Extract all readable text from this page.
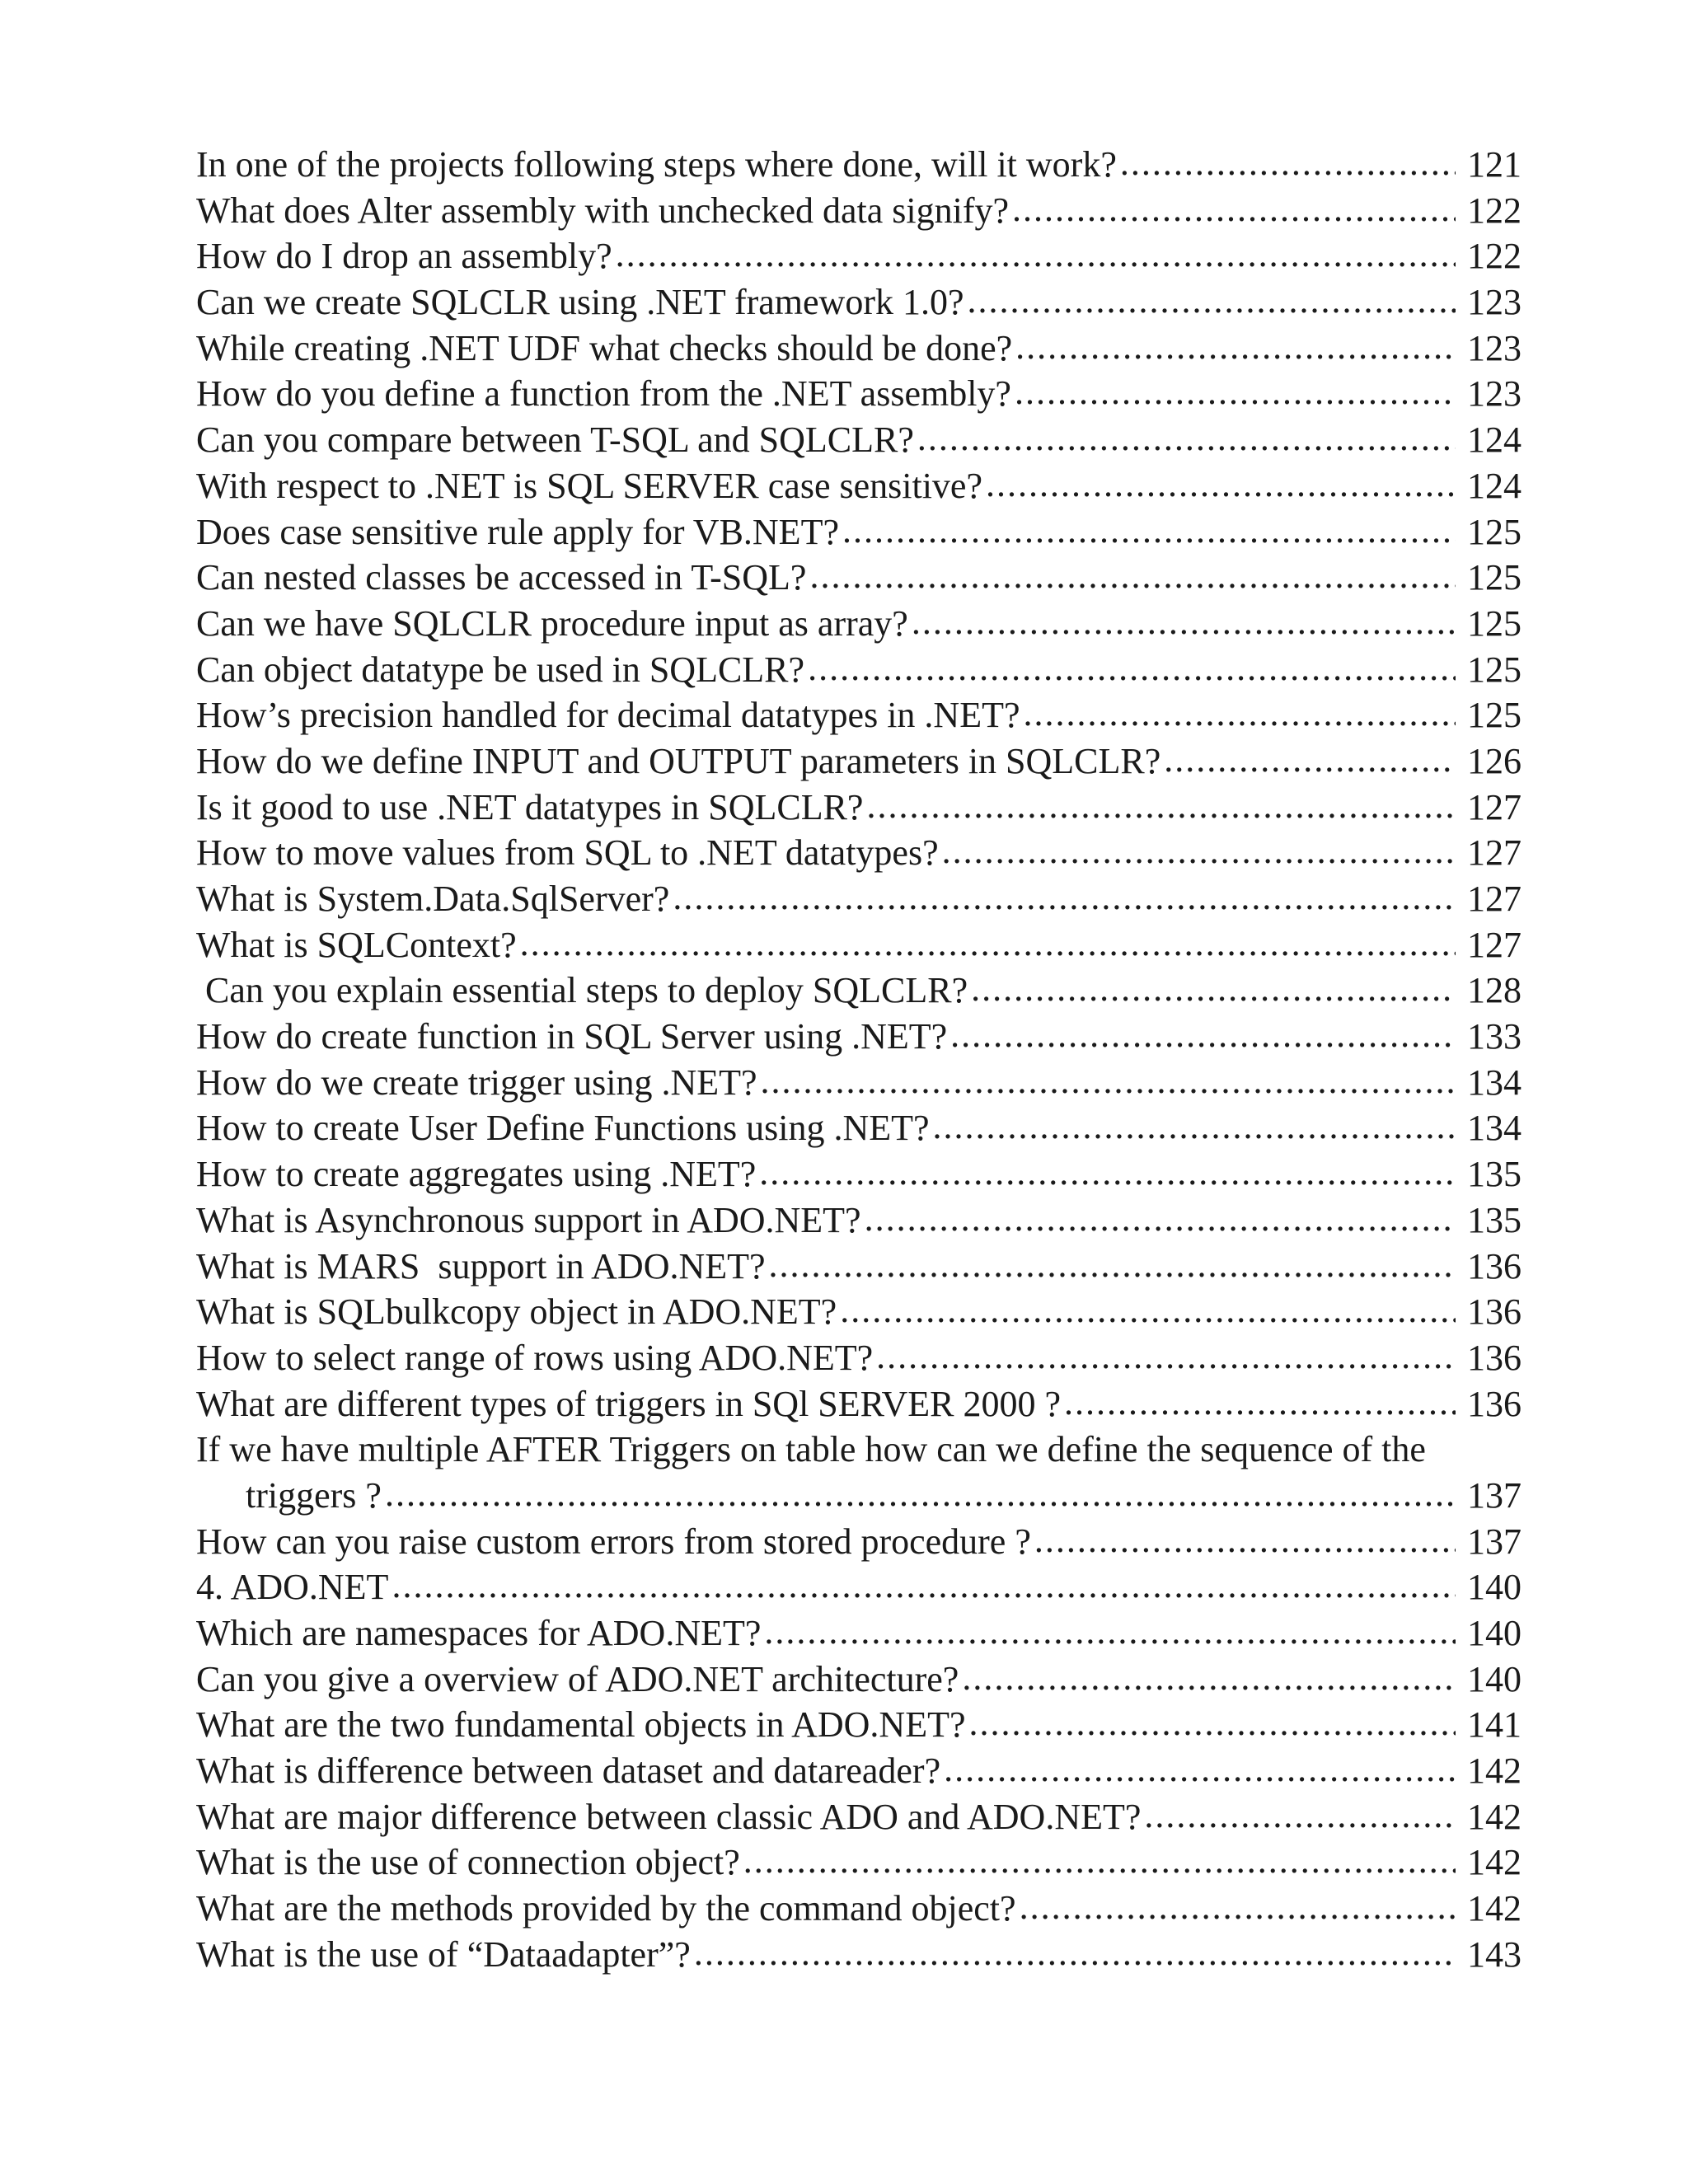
In one of the projects following steps where done, will it work? .....	121
What does Alter assembly with unchecked data signify? .....	122
How do I drop an assembly? .....	122
Can we create SQLCLR using .NET framework 1.0? .....	123
While creating .NET UDF what checks should be done? .....	123
How do you define a function from the .NET assembly? .....	123
Can you compare between T-SQL and SQLCLR? .....	124
With respect to .NET is SQL SERVER case sensitive? .....	124
Does case sensitive rule apply for VB.NET? .....	125
Can nested classes be accessed in T-SQL? .....	125
Can we have SQLCLR procedure input as array? .....	125
Can object datatype be used in SQLCLR? .....	125
How’s precision handled for decimal datatypes in .NET? .....	125
How do we define INPUT and OUTPUT parameters in SQLCLR? .....	126
Is it good to use .NET datatypes in SQLCLR? .....	127
How to move values from SQL to .NET datatypes? .....	127
What is System.Data.SqlServer? .....	127
What is SQLContext? .....	127
Can you explain essential steps to deploy SQLCLR? .....	128
How do create function in SQL Server using .NET? .....	133
How do we create trigger using .NET? .....	134
How to create User Define Functions using .NET? .....	134
How to create aggregates using .NET? .....	135
What is Asynchronous support in ADO.NET? .....	135
What is MARS  support in ADO.NET? .....	136
What is SQLbulkcopy object in ADO.NET? .....	136
How to select range of rows using ADO.NET? .....	136
What are different types of triggers in SQl SERVER 2000 ? .....	136
If we have multiple AFTER Triggers on table how can we define the sequence of the
triggers ? .....	137
How can you raise custom errors from stored procedure ? .....	137
4. ADO.NET .....	140
Which are namespaces for ADO.NET? .....	140
Can you give a overview of ADO.NET architecture? .....	140
What are the two fundamental objects in ADO.NET? .....	141
What is difference between dataset and datareader? .....	142
What are major difference between classic ADO and ADO.NET? .....	142
What is the use of connection object? .....	142
What are the methods provided by the command object? .....	142
What is the use of “Dataadapter”? .....	143
